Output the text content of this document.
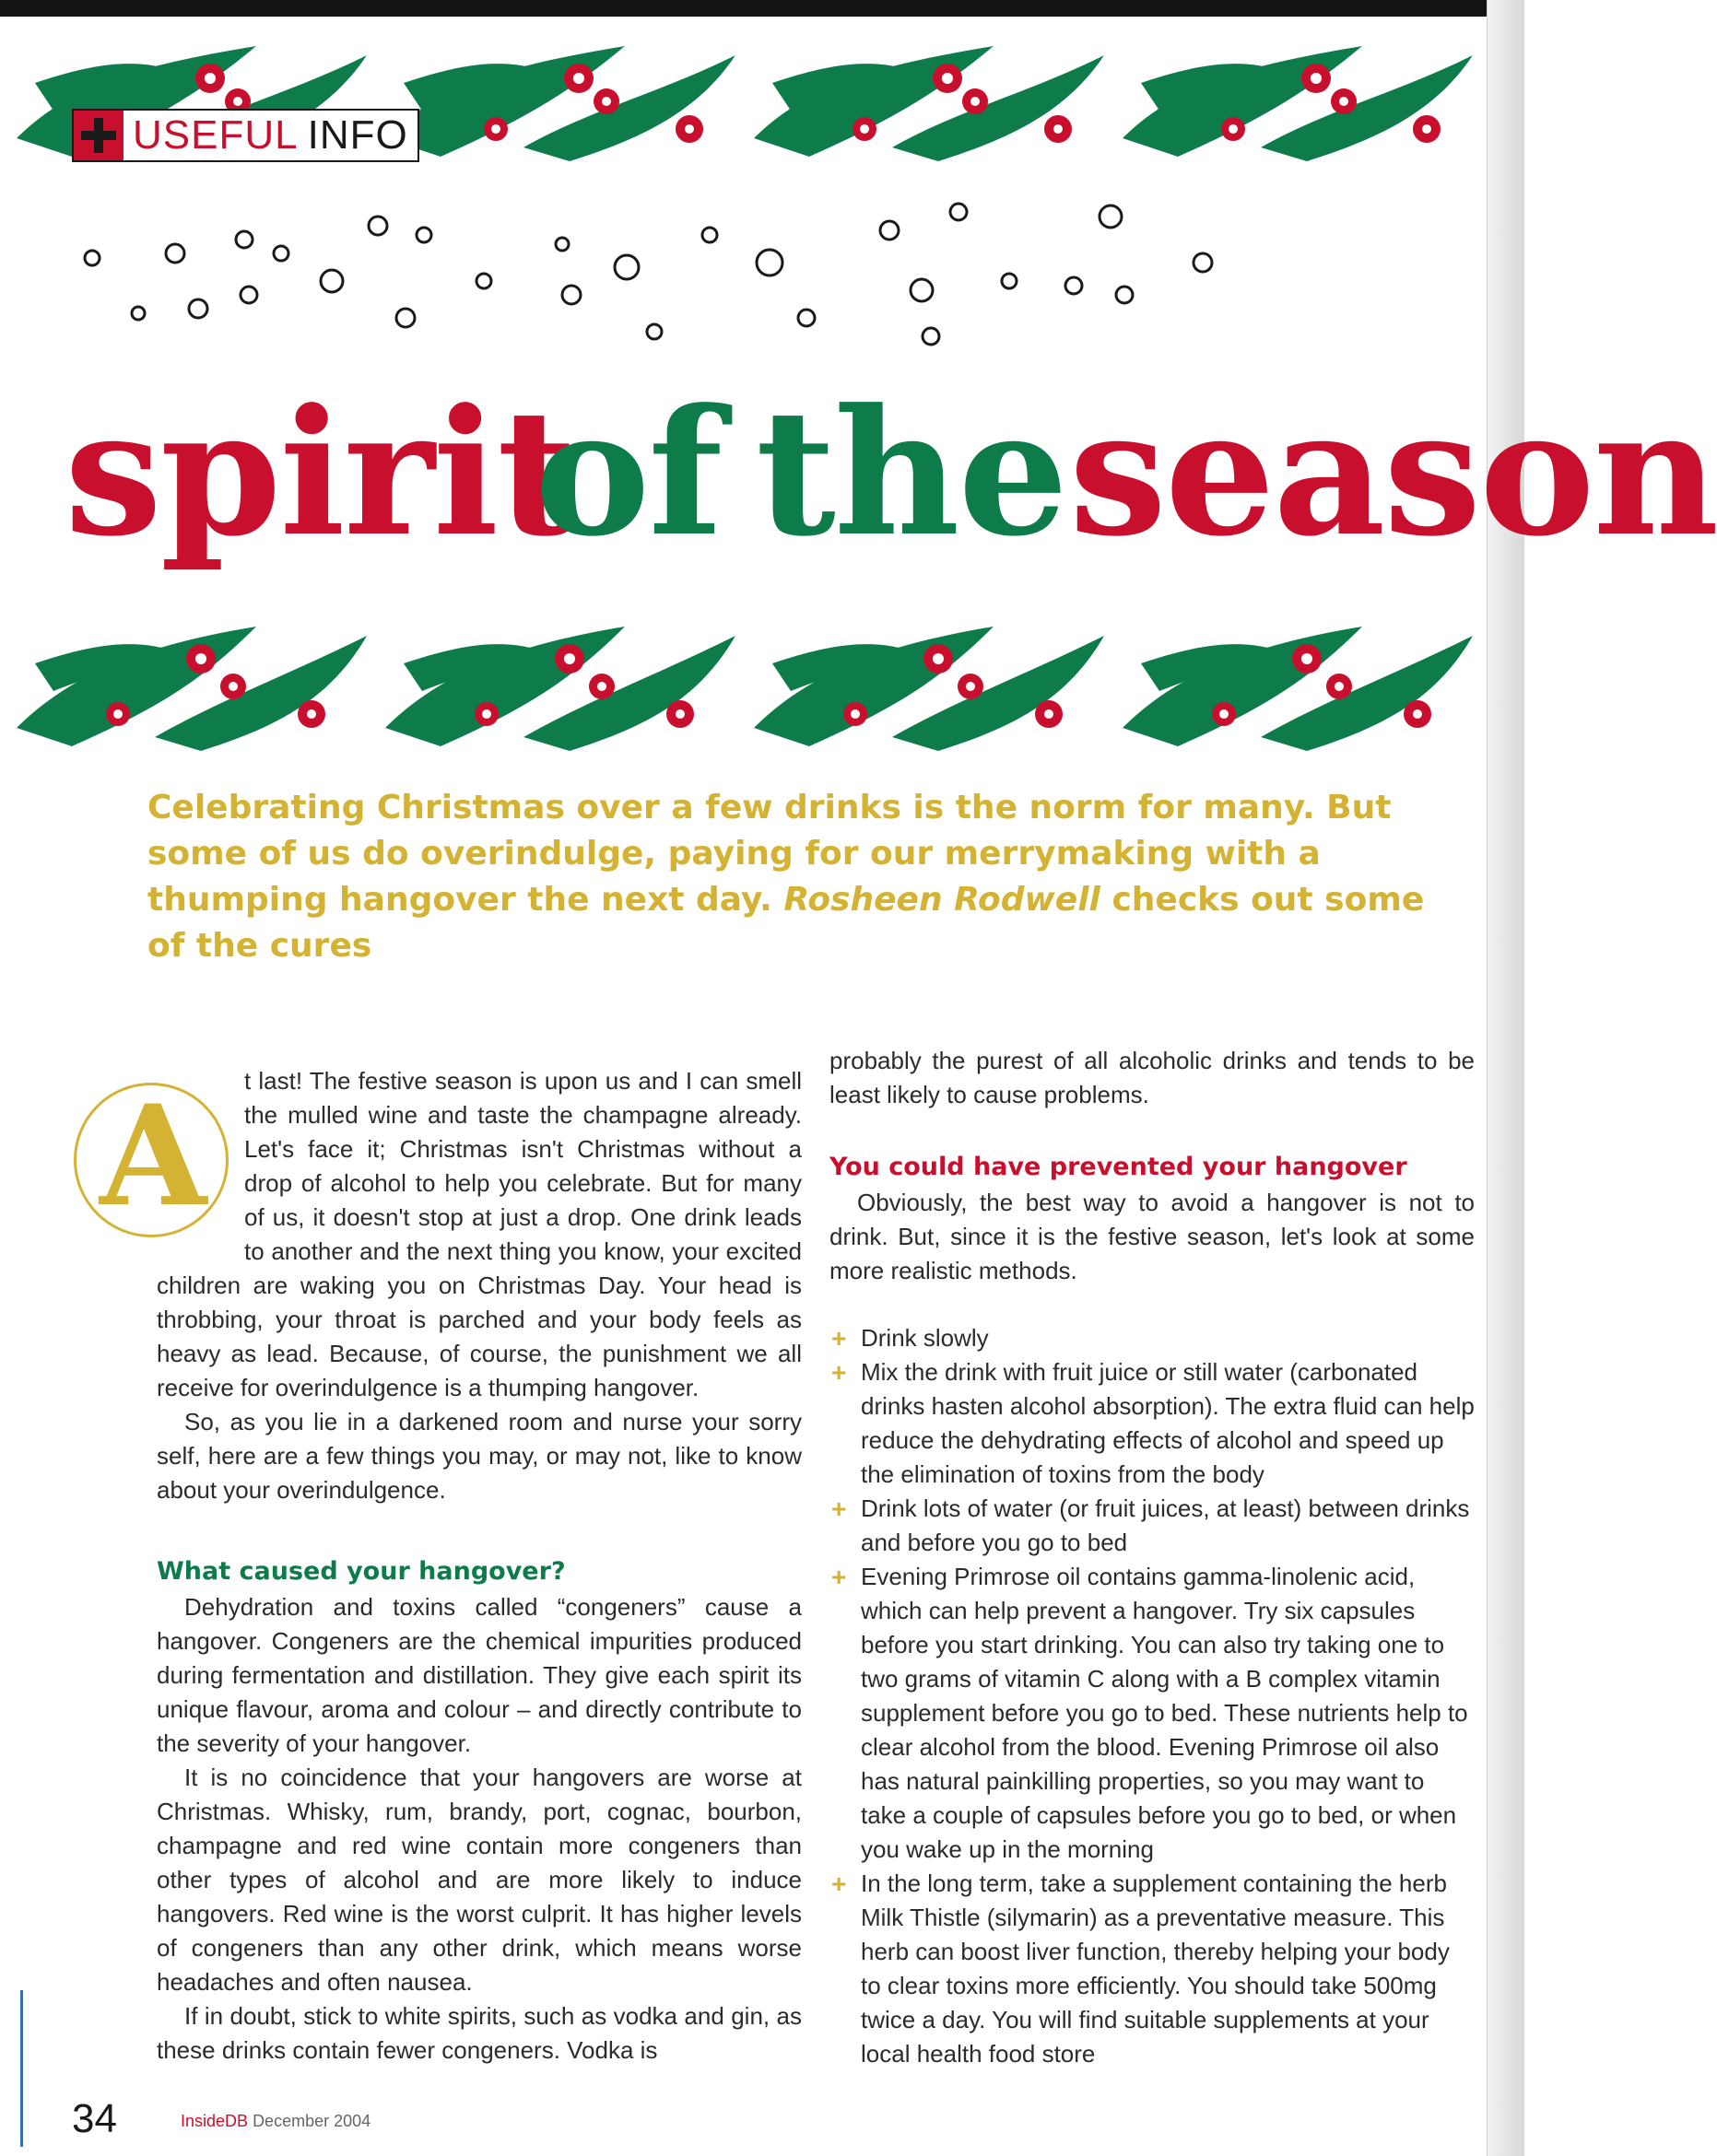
USEFUL INFO
spirit
of the season
Celebrating Christmas over a few drinks is the norm for many. But some of us do overindulge, paying for our merrymaking with a thumping hangover the next day. Rosheen Rodwell checks out some of the cures
A	t last! The festive season is upon us and I can smell the mulled wine and taste the champagne already. Let's face it; Christmas isn't Christmas without a drop of alcohol to help you celebrate. But for many of us, it doesn't stop at just a drop. One drink leads to another and the next thing you know, your excited children are waking you on Christmas Day. Your head is throbbing, your throat is parched and your body feels as heavy as lead. Because, of course, the punishment we all receive for overindulgence is a thumping hangover.

So, as you lie in a darkened room and nurse your sorry self, here are a few things you may, or may not, like to know about your overindulgence.

What caused your hangover?

Dehydration and toxins called “congeners” cause a hangover. Congeners are the chemical impurities produced during fermentation and distillation. They give each spirit its unique flavour, aroma and colour – and directly contribute to the severity of your hangover.

It is no coincidence that your hangovers are worse at Christmas. Whisky, rum, brandy, port, cognac, bourbon, champagne and red wine contain more congeners than other types of alcohol and are more likely to induce hangovers. Red wine is the worst culprit. It has higher levels of congeners than any other drink, which means worse headaches and often nausea.

If in doubt, stick to white spirits, such as vodka and gin, as these drinks contain fewer congeners. Vodka is

probably the purest of all alcoholic drinks and tends to be least likely to cause problems.

You could have prevented your hangover

Obviously, the best way to avoid a hangover is not to drink. But, since it is the festive season, let's look at some more realistic methods.

+ Drink slowly
+ Mix the drink with fruit juice or still water (carbonated drinks hasten alcohol absorption). The extra fluid can help reduce the dehydrating effects of alcohol and speed up the elimination of toxins from the body
+ Drink lots of water (or fruit juices, at least) between drinks and before you go to bed
+ Evening Primrose oil contains gamma-linolenic acid, which can help prevent a hangover. Try six capsules before you start drinking. You can also try taking one to two grams of vitamin C along with a B complex vitamin supplement before you go to bed. These nutrients help to clear alcohol from the blood. Evening Primrose oil also has natural painkilling properties, so you may want to take a couple of capsules before you go to bed, or when you wake up in the morning
+ In the long term, take a supplement containing the herb Milk Thistle (silymarin) as a preventative measure. This herb can boost liver function, thereby helping your body to clear toxins more efficiently. You should take 500mg twice a day. You will find suitable supplements at your local health food store
34	InsideDB December 2004
